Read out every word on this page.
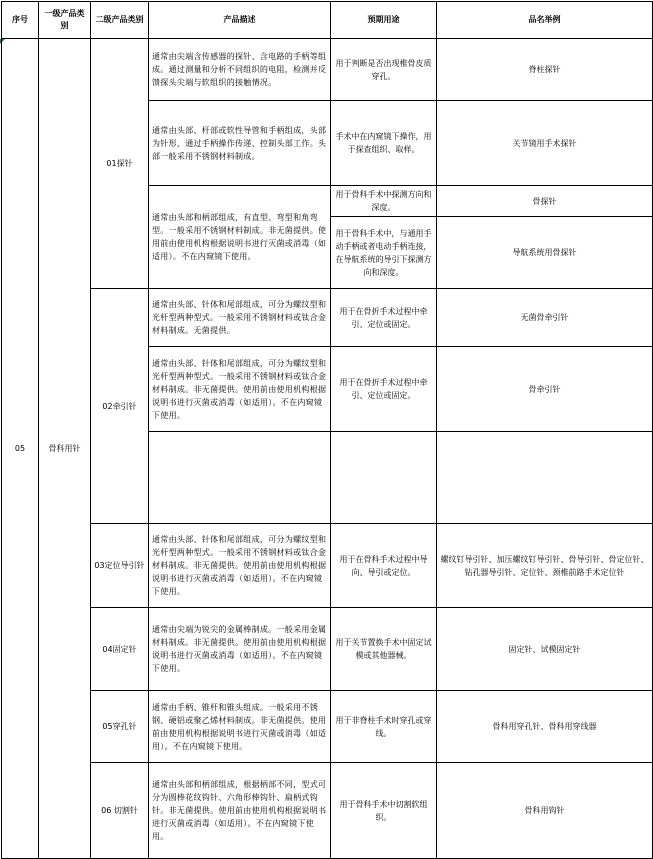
序号	一级产品类别	二级产品类别	产品描述	预期用途	品名举例
05	骨科用针	01探针	通常由尖端含传感器的探针、含电路的手柄等组成。通过测量和分析不同组织的电阻，检测并反馈探头尖端与软组织的接触情况。	用于判断是否出现椎骨皮质穿孔。	脊柱探针
			通常由头部、杆部或软性导管和手柄组成，头部为针形，通过手柄操作传递、控制头部工作。头部一般采用不锈钢材料制成。	手术中在内窥镜下操作，用于探查组织、取样。	关节镜用手术探针
			通常由头部和柄部组成，有直型、弯型和角弯型。一般采用不锈钢材料制成。非无菌提供。使用前由使用机构根据说明书进行灭菌或消毒（如适用）。不在内窥镜下使用。	用于骨科手术中探测方向和深度。	骨探针
				用于骨科手术中，与通用手动手柄或者电动手柄连接，在导航系统的导引下探测方向和深度。	导航系统用骨探针
		02牵引针	通常由头部、针体和尾部组成，可分为螺纹型和光杆型两种型式。一般采用不锈钢材料或钛合金材料制成。无菌提供。	用于在骨折手术过程中牵引、定位或固定。	无菌骨牵引针
			通常由头部、针体和尾部组成，可分为螺纹型和光杆型两种型式。一般采用不锈钢材料或钛合金材料制成。非无菌提供。使用前由使用机构根据说明书进行灭菌或消毒（如适用）。不在内窥镜下使用。	用于在骨折手术过程中牵引、定位或固定。	骨牵引针

		03定位导引针	通常由头部、针体和尾部组成，可分为螺纹型和光杆型两种型式。一般采用不锈钢材料或钛合金材料制成。非无菌提供。使用前由使用机构根据说明书进行灭菌或消毒（如适用）。不在内窥镜下使用。	用于在骨科手术过程中导向、导引或定位。	螺纹钉导引针、加压螺纹钉导引针、骨导引针、骨定位针、钻孔器导引针、定位针、颈椎前路手术定位针
		04固定针	通常由尖端为锐尖的金属棒制成。一般采用金属材料制成。非无菌提供。使用前由使用机构根据说明书进行灭菌或消毒（如适用）。不在内窥镜下使用。	用于关节置换手术中固定试模或其他器械。	固定针、试模固定针
		05穿孔针	通常由手柄、锥杆和锥头组成。一般采用不锈钢、硬铝或聚乙烯材料制成。非无菌提供。使用前由使用机构根据说明书进行灭菌或消毒（如适用）。不在内窥镜下使用。	用于非脊柱手术时穿孔或穿线。	骨科用穿孔针、骨科用穿线器
		06 切割针	通常由头部和柄部组成，根据柄部不同，型式可分为圆棒花纹钩针、六角形棒钩针、扁柄式钩针。非无菌提供。使用前由使用机构根据说明书进行灭菌或消毒（如适用）。不在内窥镜下使用。	用于骨科手术中切割软组织。	骨科用钩针
